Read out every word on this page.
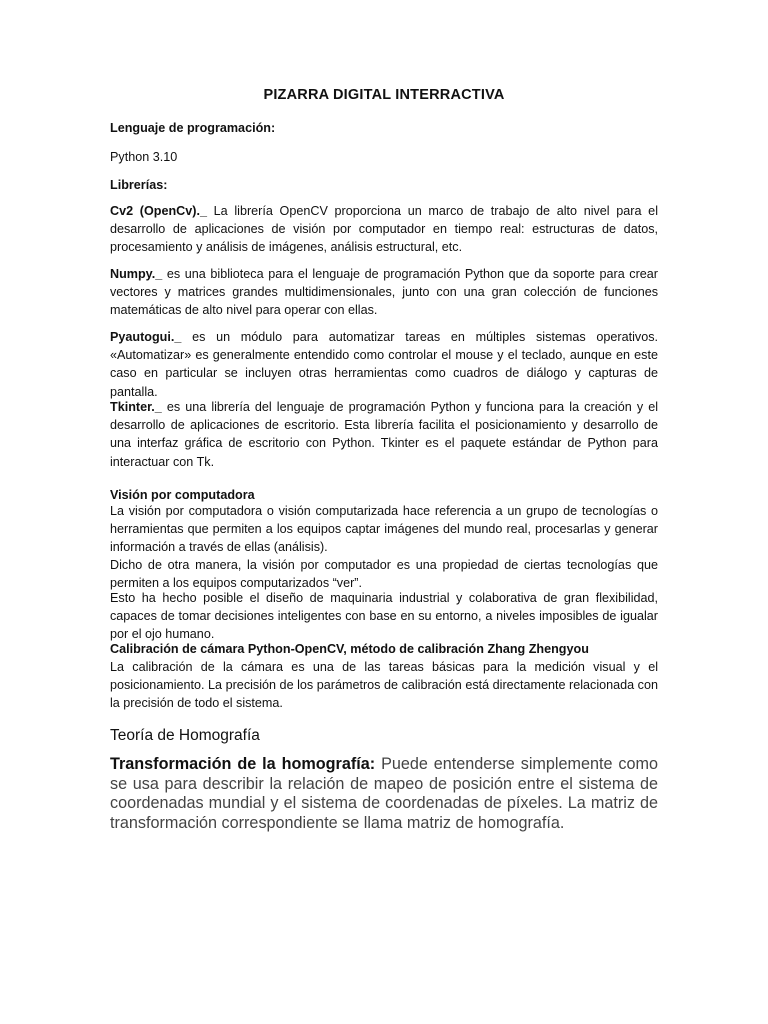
PIZARRA DIGITAL INTERRACTIVA
Lenguaje de programación:
Python 3.10
Librerías:
Cv2 (OpenCv)._ La librería OpenCV proporciona un marco de trabajo de alto nivel para el desarrollo de aplicaciones de visión por computador en tiempo real: estructuras de datos, procesamiento y análisis de imágenes, análisis estructural, etc.
Numpy._ es una biblioteca para el lenguaje de programación Python que da soporte para crear vectores y matrices grandes multidimensionales, junto con una gran colección de funciones matemáticas de alto nivel para operar con ellas.
Pyautogui._ es un módulo para automatizar tareas en múltiples sistemas operativos. «Automatizar» es generalmente entendido como controlar el mouse y el teclado, aunque en este caso en particular se incluyen otras herramientas como cuadros de diálogo y capturas de pantalla.
Tkinter._ es una librería del lenguaje de programación Python y funciona para la creación y el desarrollo de aplicaciones de escritorio. Esta librería facilita el posicionamiento y desarrollo de una interfaz gráfica de escritorio con Python. Tkinter es el paquete estándar de Python para interactuar con Tk.
Visión por computadora
La visión por computadora o visión computarizada hace referencia a un grupo de tecnologías o herramientas que permiten a los equipos captar imágenes del mundo real, procesarlas y generar información a través de ellas (análisis).
Dicho de otra manera, la visión por computador es una propiedad de ciertas tecnologías que permiten a los equipos computarizados “ver”.
Esto ha hecho posible el diseño de maquinaria industrial y colaborativa de gran flexibilidad, capaces de tomar decisiones inteligentes con base en su entorno, a niveles imposibles de igualar por el ojo humano.
Calibración de cámara Python-OpenCV, método de calibración Zhang Zhengyou
La calibración de la cámara es una de las tareas básicas para la medición visual y el posicionamiento. La precisión de los parámetros de calibración está directamente relacionada con la precisión de todo el sistema.
Teoría de Homografía
Transformación de la homografía: Puede entenderse simplemente como se usa para describir la relación de mapeo de posición entre el sistema de coordenadas mundial y el sistema de coordenadas de píxeles. La matriz de transformación correspondiente se llama matriz de homografía.
